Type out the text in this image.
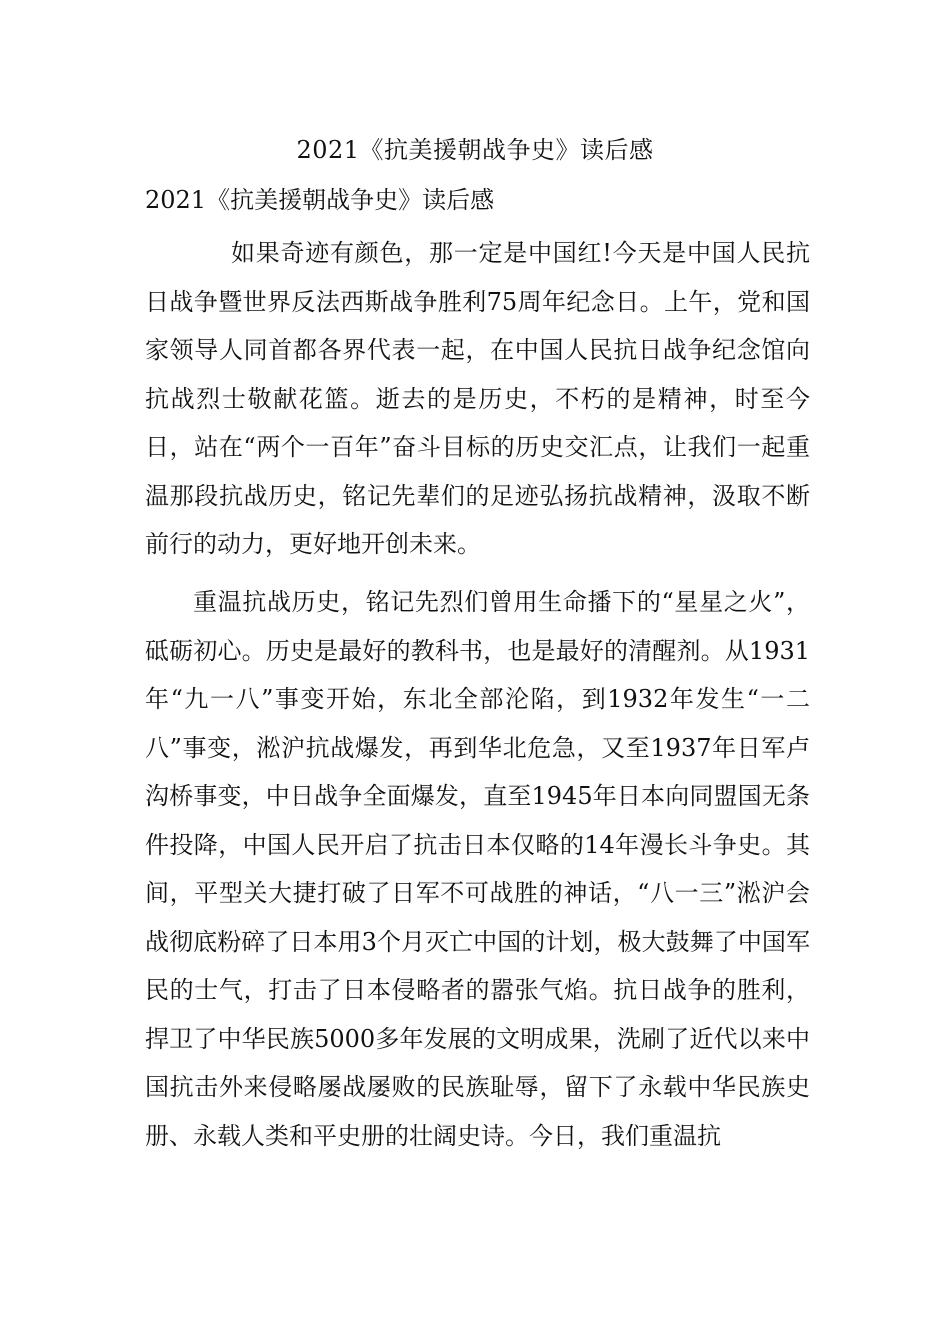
2021《抗美援朝战争史》读后感
2021《抗美援朝战争史》读后感

如果奇迹有颜色，那一定是中国红!今天是中国人民抗日战争暨世界反法西斯战争胜利75周年纪念日。上午，党和国家领导人同首都各界代表一起，在中国人民抗日战争纪念馆向抗战烈士敬献花篮。逝去的是历史，不朽的是精神，时至今日，站在“两个一百年”奋斗目标的历史交汇点，让我们一起重温那段抗战历史，铭记先辈们的足迹弘扬抗战精神，汲取不断前行的动力，更好地开创未来。

重温抗战历史，铭记先烈们曾用生命播下的“星星之火”，砥砺初心。历史是最好的教科书，也是最好的清醒剂。从1931年“九一八”事变开始，东北全部沦陷，到1932年发生“一二八”事变，淞沪抗战爆发，再到华北危急，又至1937年日军卢沟桥事变，中日战争全面爆发，直至1945年日本向同盟国无条件投降，中国人民开启了抗击日本仅略的14年漫长斗争史。其间，平型关大捷打破了日军不可战胜的神话，“八一三”淞沪会战彻底粉碎了日本用3个月灭亡中国的计划，极大鼓舞了中国军民的士气，打击了日本侵略者的嚣张气焰。抗日战争的胜利，捍卫了中华民族5000多年发展的文明成果，洗刷了近代以来中国抗击外来侵略屡战屡败的民族耻辱，留下了永载中华民族史册、永载人类和平史册的壮阔史诗。今日，我们重温抗
